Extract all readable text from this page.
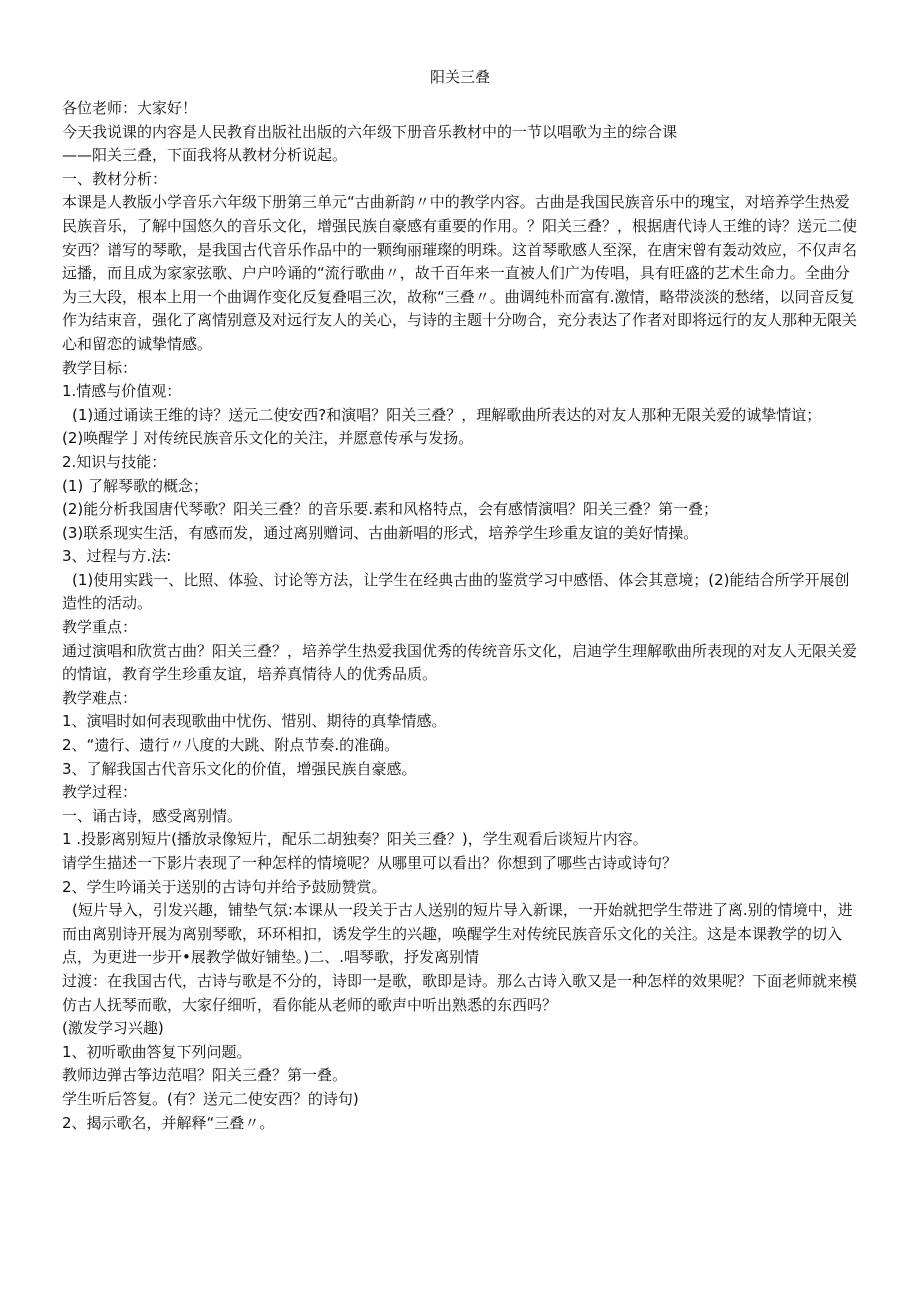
阳关三叠

各位老师：大家好！

今天我说课的内容是人民教育出版社出版的六年级下册音乐教材中的一节以唱歌为主的综合课

——阳关三叠，下面我将从教材分析说起。

一、教材分析：

本课是人教版小学音乐六年级下册第三单元“古曲新韵〃中的教学内容。古曲是我国民族音乐中的瑰宝，对培养学生热爱民族音乐，了解中国悠久的音乐文化，增强民族自豪感有重要的作用。？阳关三叠？，根据唐代诗人王维的诗？送元二使安西？谱写的琴歌，是我国古代音乐作品中的一颗绚丽璀璨的明珠。这首琴歌感人至深，在唐宋曾有轰动效应，不仅声名远播，而且成为家家弦歌、户户吟诵的“流行歌曲〃，故千百年来一直被人们广为传唱，具有旺盛的艺术生命力。全曲分为三大段，根本上用一个曲调作变化反复叠唱三次，故称“三叠〃。曲调纯朴而富有.激情，略带淡淡的愁绪，以同音反复作为结束音，强化了离情别意及对远行友人的关心，与诗的主题十分吻合，充分表达了作者对即将远行的友人那种无限关心和留恋的诚挚情感。

教学目标：

1.情感与价值观：

(1)通过诵读王维的诗？送元二使安西?和演唱？阳关三叠？，理解歌曲所表达的对友人那种无限关爱的诚挚情谊；

(2)唤醒学亅对传统民族音乐文化的关注，并愿意传承与发扬。

2.知识与技能：

(1) 了解琴歌的概念；

(2)能分析我国唐代琴歌？阳关三叠？的音乐要.素和风格特点，会有感情演唱？阳关三叠？第一叠；

(3)联系现实生活，有感而发，通过离别赠词、古曲新唱的形式，培养学生珍重友谊的美好情操。

3、过程与方.法:

(1)使用实践一、比照、体验、讨论等方法，让学生在经典古曲的鉴赏学习中感悟、体会其意境；(2)能结合所学开展创造性的活动。

教学重点：

通过演唱和欣赏古曲？阳关三叠？，培养学生热爱我国优秀的传统音乐文化，启迪学生理解歌曲所表现的对友人无限关爱的情谊，教育学生珍重友谊，培养真情待人的优秀品质。

教学难点：

1、演唱时如何表现歌曲中忧伤、惜别、期待的真挚情感。

2、“遗行、遗行〃八度的大跳、附点节奏.的准确。

3、了解我国古代音乐文化的价值，增强民族自豪感。

教学过程：

一、诵古诗，感受离别情。

1 .投影离别短片(播放录像短片，配乐二胡独奏？阳关三叠？)，学生观看后谈短片内容。

请学生描述一下影片表现了一种怎样的情境呢？从哪里可以看出？你想到了哪些古诗或诗句？

2、学生吟诵关于送别的古诗句并给予鼓励赞赏。

(短片导入，引发兴趣，铺垫气氛:本课从一段关于古人送别的短片导入新课，一开始就把学生带进了离.别的情境中，进而由离别诗开展为离别琴歌，环环相扣，诱发学生的兴趣，唤醒学生对传统民族音乐文化的关注。这是本课教学的切入点，为更进一步开•展教学做好铺垫。)二、.唱琴歌，抒发离别情

过渡：在我国古代，古诗与歌是不分的，诗即一是歌，歌即是诗。那么古诗入歌又是一种怎样的效果呢？下面老师就来模仿古人抚琴而歌，大家仔细听，看你能从老师的歌声中听出熟悉的东西吗？

(激发学习兴趣)

1、初听歌曲答复下列问题。

教师边弹古筝边范唱？阳关三叠？第一叠。

学生听后答复。(有？送元二使安西？的诗句)

2、揭示歌名，并解释“三叠〃。
